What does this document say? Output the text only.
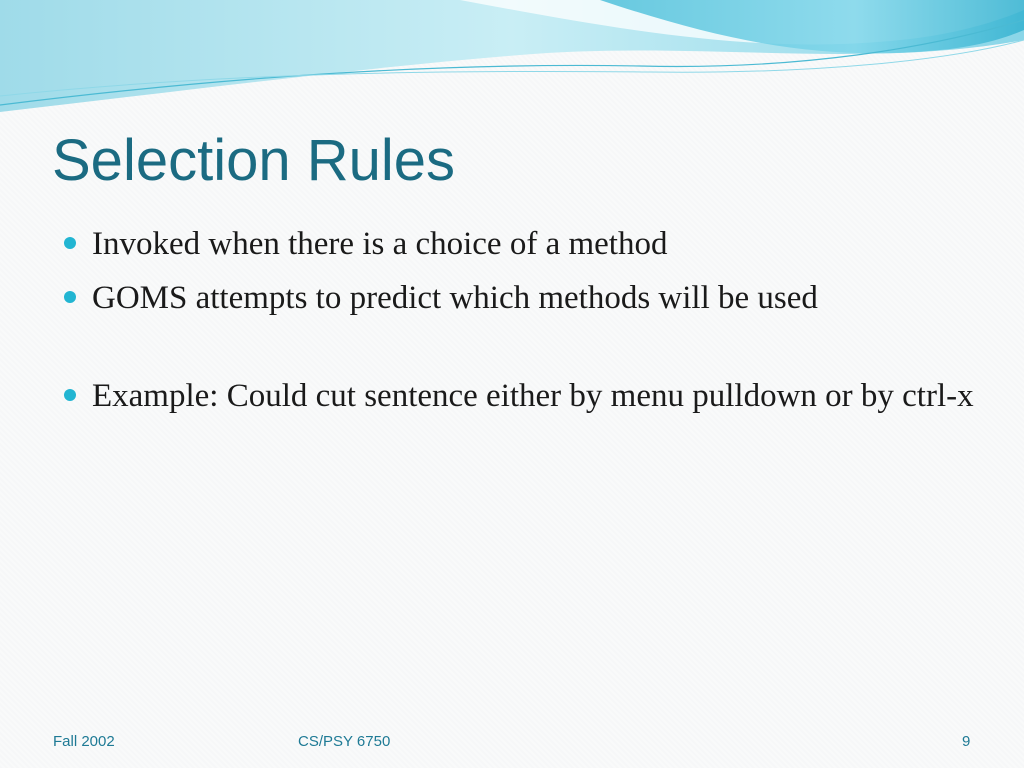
Selection Rules
Invoked when there is a choice of a method
GOMS attempts to predict which methods will be used
Example: Could cut sentence either by menu pulldown or by ctrl-x
Fall 2002	CS/PSY 6750	9
